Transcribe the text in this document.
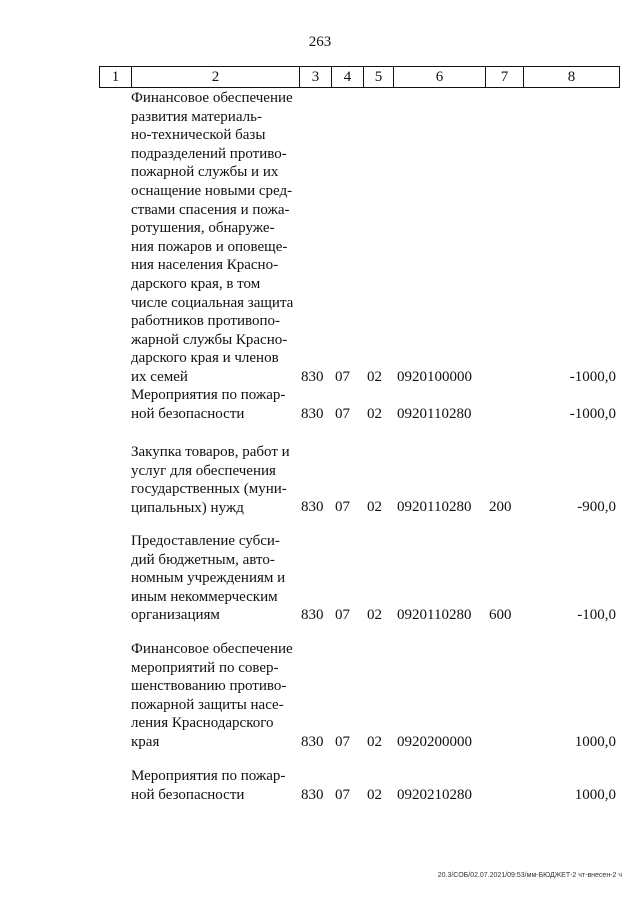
263
1	2	3	4	5	6	7	8
Финансовое обеспечение
развития материаль-
но-технической базы
подразделений противо-
пожарной службы и их
оснащение новыми сред-
ствами спасения и пожа-
ротушения, обнаруже-
ния пожаров и оповеще-
ния населения Красно-
дарского края, в том
числе социальная защита
работников противопо-
жарной службы Красно-
дарского края и членов
их семей	830 07 02 0920100000	-1000,0
Мероприятия по пожар-
ной безопасности	830 07 02 0920110280	-1000,0
Закупка товаров, работ и
услуг для обеспечения
государственных (муни-
ципальных) нужд	830 07 02 0920110280 200	-900,0
Предоставление субси-
дий бюджетным, авто-
номным учреждениям и
иным некоммерческим
организациям	830 07 02 0920110280 600	-100,0
Финансовое обеспечение
мероприятий по совер-
шенствованию противо-
пожарной защиты насе-
ления Краснодарского
края	830 07 02 0920200000	1000,0
Мероприятия по пожар-
ной безопасности	830 07 02 0920210280	1000,0
20.3/СОБ/02.07.2021/09:53/мм-БЮДЖЕТ-2 чт-внесен-2 ч
